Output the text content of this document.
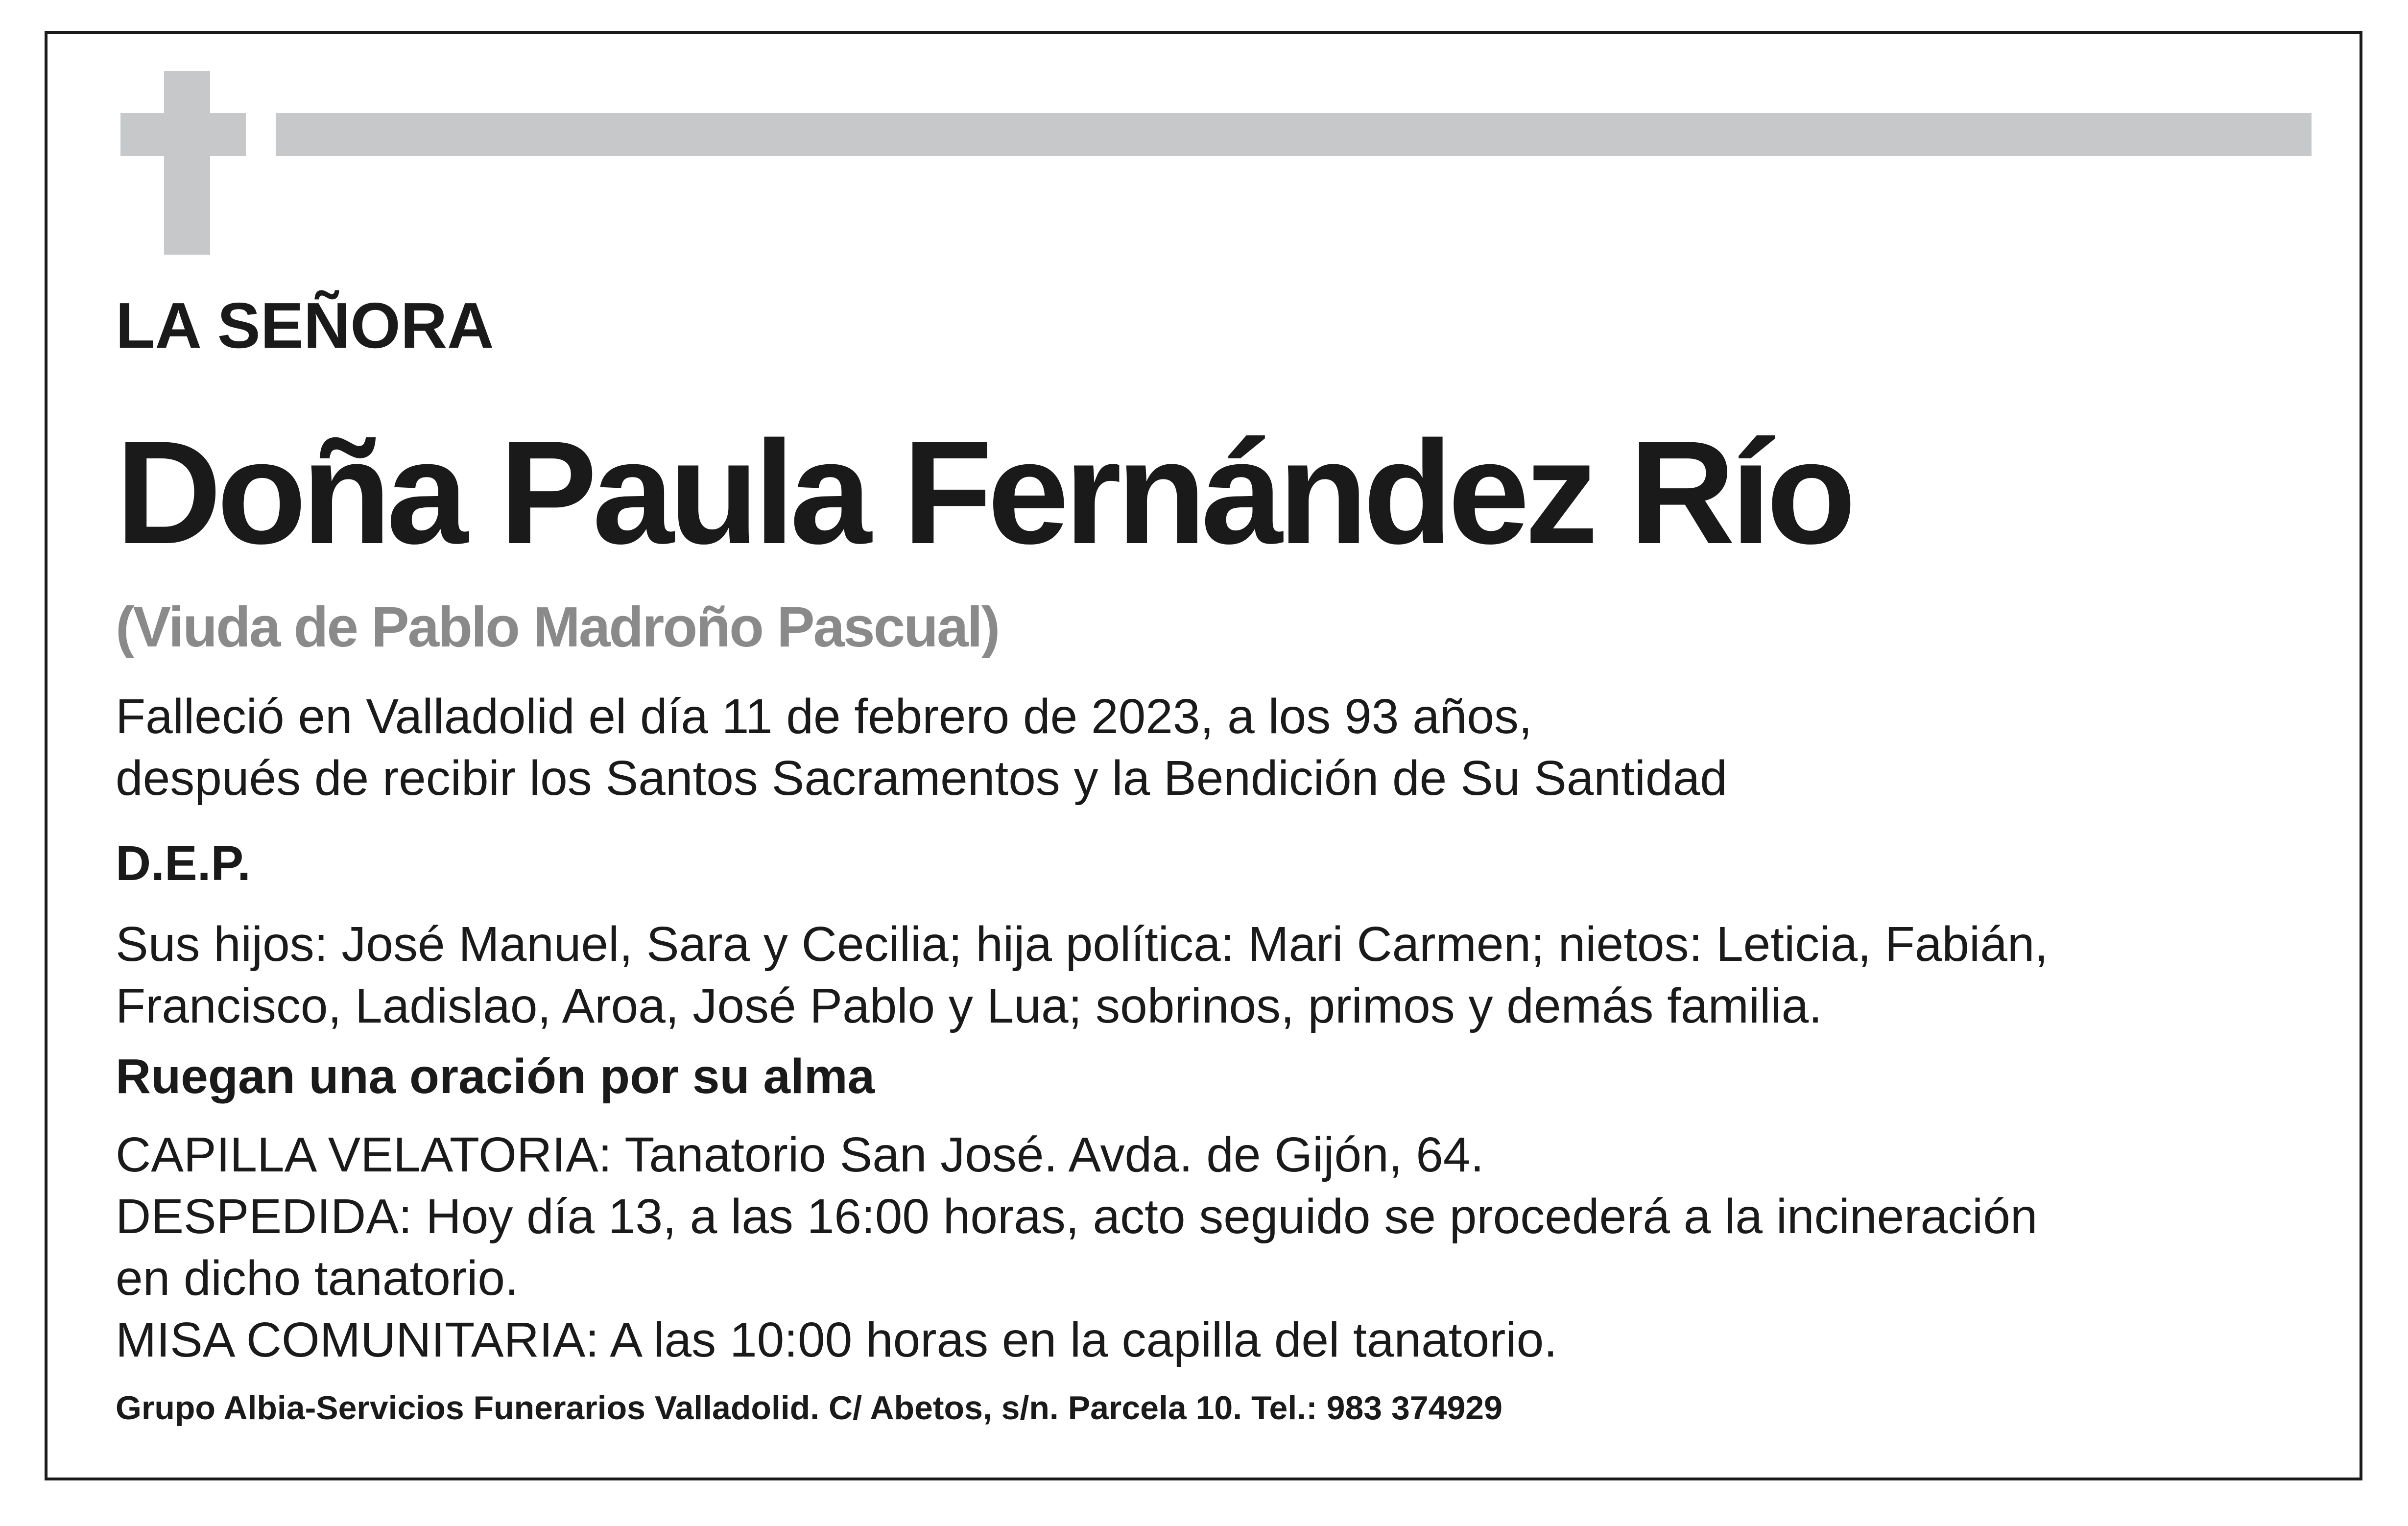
LA SEÑORA

Doña Paula Fernández Río

(Viuda de Pablo Madroño Pascual)

Falleció en Valladolid el día 11 de febrero de 2023, a los 93 años,
después de recibir los Santos Sacramentos y la Bendición de Su Santidad

D.E.P.

Sus hijos: José Manuel, Sara y Cecilia; hija política: Mari Carmen; nietos: Leticia, Fabián,
Francisco, Ladislao, Aroa, José Pablo y Lua; sobrinos, primos y demás familia.

Ruegan una oración por su alma

CAPILLA VELATORIA: Tanatorio San José. Avda. de Gijón, 64.
DESPEDIDA: Hoy día 13, a las 16:00 horas, acto seguido se procederá a la incineración
en dicho tanatorio.
MISA COMUNITARIA: A las 10:00 horas en la capilla del tanatorio.

Grupo Albia-Servicios Funerarios Valladolid. C/ Abetos, s/n. Parcela 10. Tel.: 983 374929
